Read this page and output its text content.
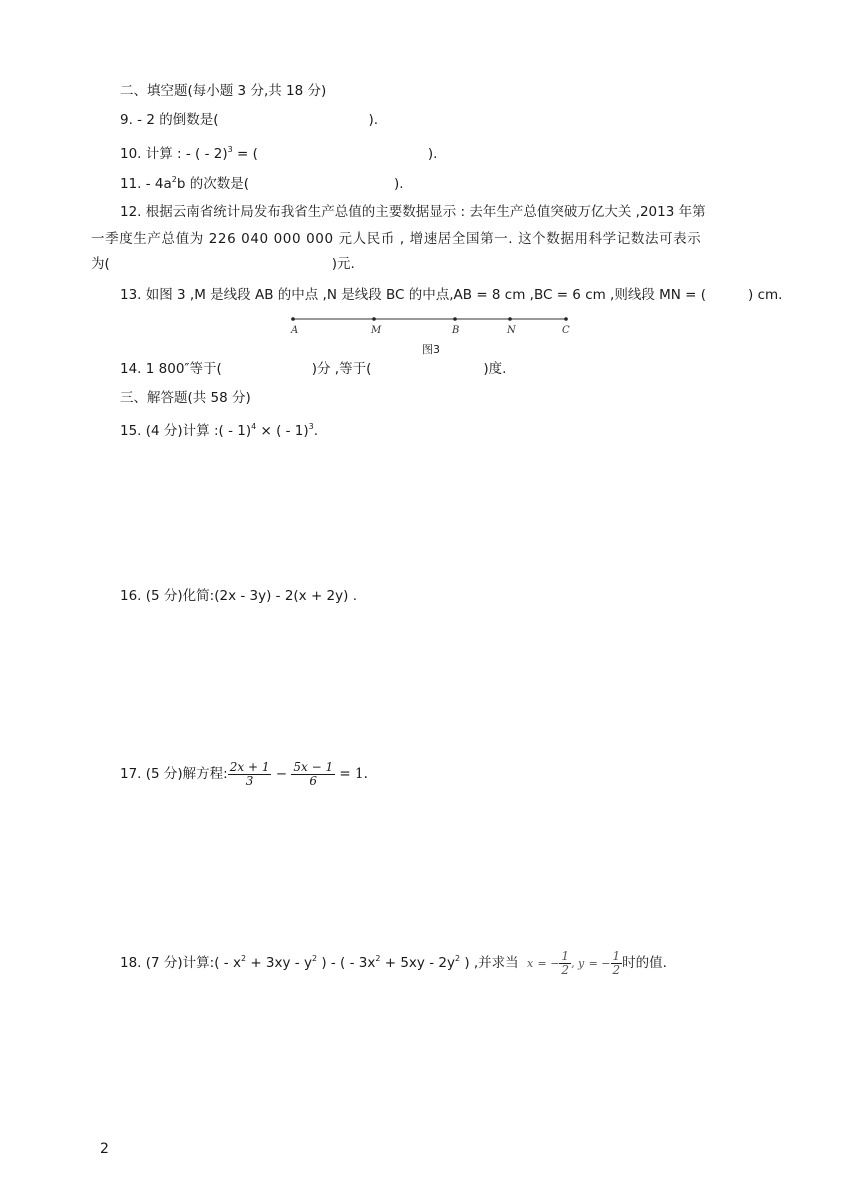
二、填空题(每小题 3 分,共 18 分)
9. - 2 的倒数是(	).
10. 计算 : - ( - 2)$^3$ = (	).
11. - $4a^2b$ 的次数是(	).
12. 根据云南省统计局发布我省生产总值的主要数据显示 : 去年生产总值突破万亿大关 ,2013 年第
一季度生产总值为 226 040 000 000 元人民币 , 增速居全国第一. 这个数据用科学记数法可表示
为(	)元.
13. 如图 3 ,M 是线段 AB 的中点 ,N 是线段 BC 的中点,AB = 8 cm ,BC = 6 cm ,则线段 MN = (	) cm.
A	M	B	N	C
图3
14. 1 800″等于(	)分 ,等于(	)度.
三、解答题(共 58 分)
15. (4 分)计算 :( - 1)$^4$ × ( - 1)$^3$.
16. (5 分)化简:(2x - 3y) - 2(x + 2y) .
17. (5 分)解方程: $\frac{2x + 1}{3} - \frac{5x - 1}{6} = 1$.
18. (7 分)计算:( - $x^2 + 3xy - y^2$ ) - ( - $3x^2 + 5xy - 2y^2$ ) ,并求当 x = − $\frac{1}{2}$ , y = − $\frac{1}{2}$ 时的值.
2
